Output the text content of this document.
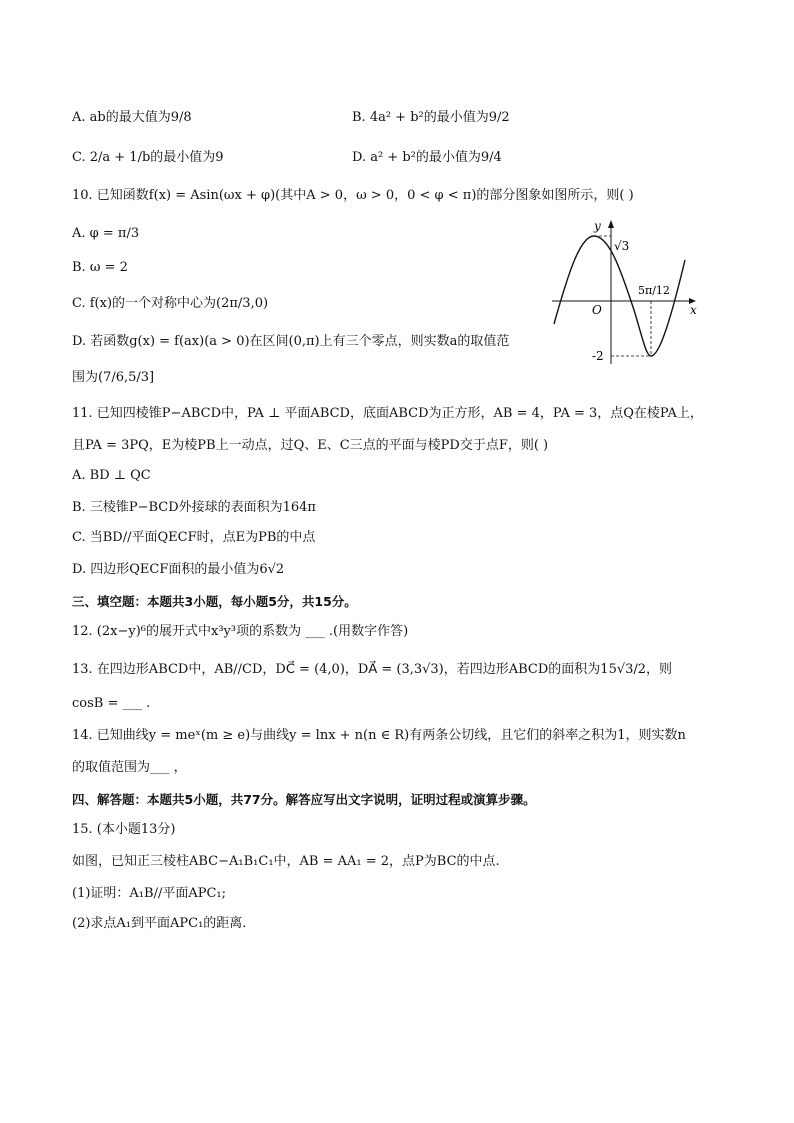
A. ab的最大值为9/8	B. 4a² + b²的最小值为9/2
C. 2/a + 1/b的最小值为9	D. a² + b²的最小值为9/4
10. 已知函数f(x) = Asin(ωx + φ)(其中A > 0，ω > 0，0 < φ < π)的部分图象如图所示，则( )
A. φ = π/3
B. ω = 2
C. f(x)的一个对称中心为(2π/3,0)
D. 若函数g(x) = f(ax)(a > 0)在区间(0,π)上有三个零点，则实数a的取值范
围为(7/6,5/3]
y
x
O
√3
-2
5π/12
11. 已知四棱锥P−ABCD中，PA ⊥ 平面ABCD，底面ABCD为正方形，AB = 4，PA = 3，点Q在棱PA上，
且PA = 3PQ，E为棱PB上一动点，过Q、E、C三点的平面与棱PD交于点F，则( )
A. BD ⊥ QC
B. 三棱锥P−BCD外接球的表面积为164π
C. 当BD//平面QECF时，点E为PB的中点
D. 四边形QECF面积的最小值为6√2
三、填空题：本题共3小题，每小题5分，共15分。
12. (2x−y)⁶的展开式中x³y³项的系数为 ___ .(用数字作答)
13. 在四边形ABCD中，AB//CD，DC⃗ = (4,0)，DA⃗ = (3,3√3)，若四边形ABCD的面积为15√3/2，则
cosB = ___ .
14. 已知曲线y = meˣ(m ≥ e)与曲线y = lnx + n(n ∈ R)有两条公切线，且它们的斜率之积为1，则实数n
的取值范围为___ ，
四、解答题：本题共5小题，共77分。解答应写出文字说明，证明过程或演算步骤。
15. (本小题13分)
如图，已知正三棱柱ABC−A₁B₁C₁中，AB = AA₁ = 2，点P为BC的中点.
(1)证明：A₁B//平面APC₁;
(2)求点A₁到平面APC₁的距离.
